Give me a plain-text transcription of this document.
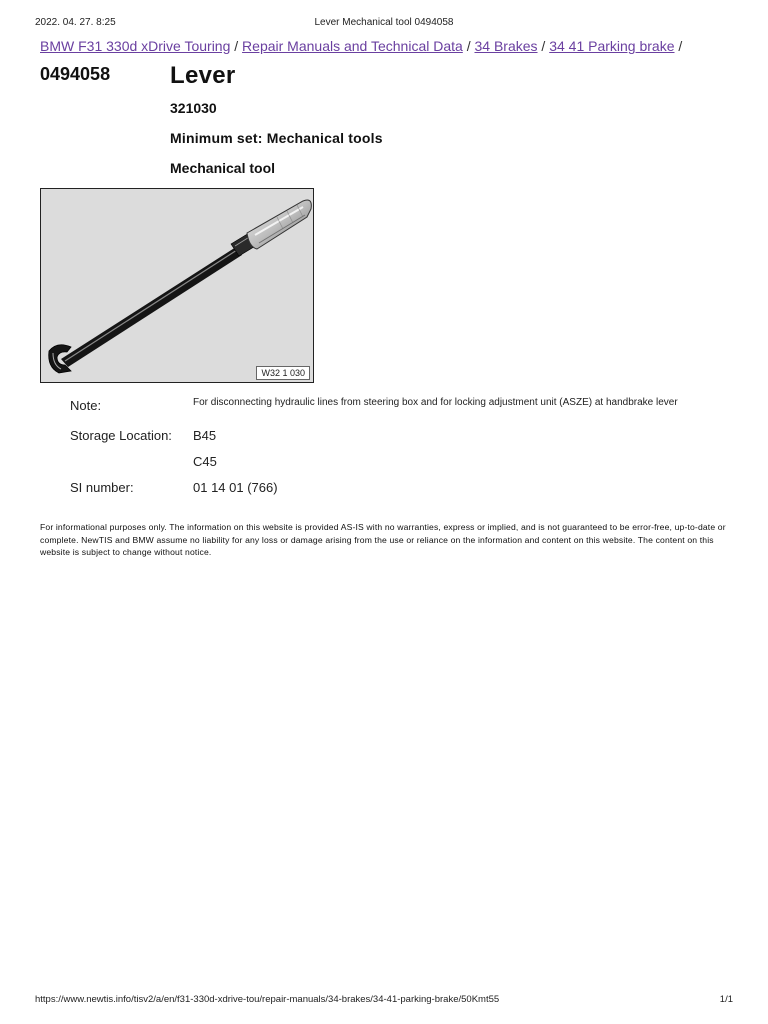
2022. 04. 27. 8:25	Lever Mechanical tool 0494058
BMW F31 330d xDrive Touring / Repair Manuals and Technical Data / 34 Brakes / 34 41 Parking brake /
0494058 Lever
321030
Minimum set: Mechanical tools
Mechanical tool
W32 1 030
Note:	For disconnecting hydraulic lines from steering box and for locking adjustment unit (ASZE) at handbrake lever
Storage Location: B45
C45
SI number:	01 14 01 (766)
For informational purposes only. The information on this website is provided AS-IS with no warranties, express or implied, and is not guaranteed to be error-free, up-to-date or complete. NewTIS and BMW assume no liability for any loss or damage arising from the use or reliance on the information and content on this website. The content on this website is subject to change without notice.
https://www.newtis.info/tisv2/a/en/f31-330d-xdrive-tou/repair-manuals/34-brakes/34-41-parking-brake/50Kmt55	1/1
